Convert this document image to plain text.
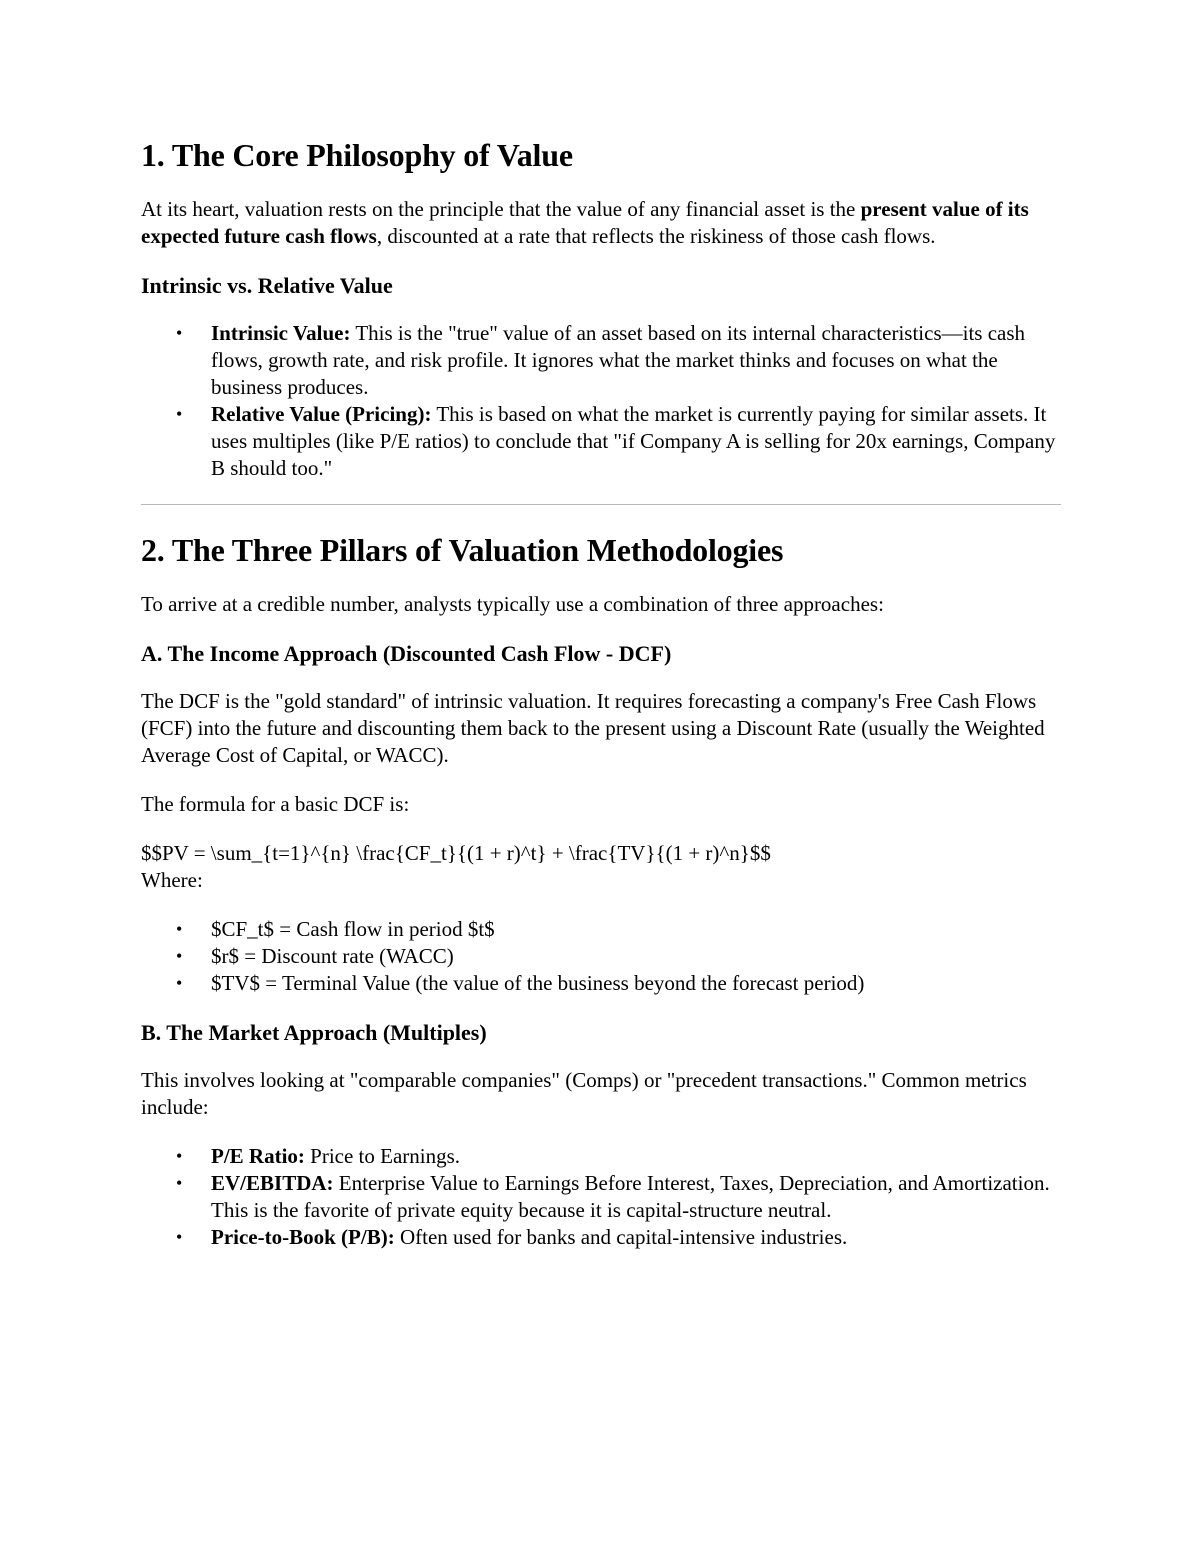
1. The Core Philosophy of Value

At its heart, valuation rests on the principle that the value of any financial asset is the present value of its expected future cash flows, discounted at a rate that reflects the riskiness of those cash flows.

Intrinsic vs. Relative Value
• Intrinsic Value: This is the "true" value of an asset based on its internal characteristics—its cash flows, growth rate, and risk profile. It ignores what the market thinks and focuses on what the business produces.
• Relative Value (Pricing): This is based on what the market is currently paying for similar assets. It uses multiples (like P/E ratios) to conclude that "if Company A is selling for 20x earnings, Company B should too."
2. The Three Pillars of Valuation Methodologies

To arrive at a credible number, analysts typically use a combination of three approaches:

A. The Income Approach (Discounted Cash Flow - DCF)

The DCF is the "gold standard" of intrinsic valuation. It requires forecasting a company's Free Cash Flows (FCF) into the future and discounting them back to the present using a Discount Rate (usually the Weighted Average Cost of Capital, or WACC).

The formula for a basic DCF is:

$$PV = \sum_{t=1}^{n} \frac{CF_t}{(1 + r)^t} + \frac{TV}{(1 + r)^n}$$
Where:
• $CF_t$ = Cash flow in period $t$
• $r$ = Discount rate (WACC)
• $TV$ = Terminal Value (the value of the business beyond the forecast period)
B. The Market Approach (Multiples)

This involves looking at "comparable companies" (Comps) or "precedent transactions." Common metrics include:

• P/E Ratio: Price to Earnings.
• EV/EBITDA: Enterprise Value to Earnings Before Interest, Taxes, Depreciation, and Amortization. This is the favorite of private equity because it is capital-structure neutral.
• Price-to-Book (P/B): Often used for banks and capital-intensive industries.
